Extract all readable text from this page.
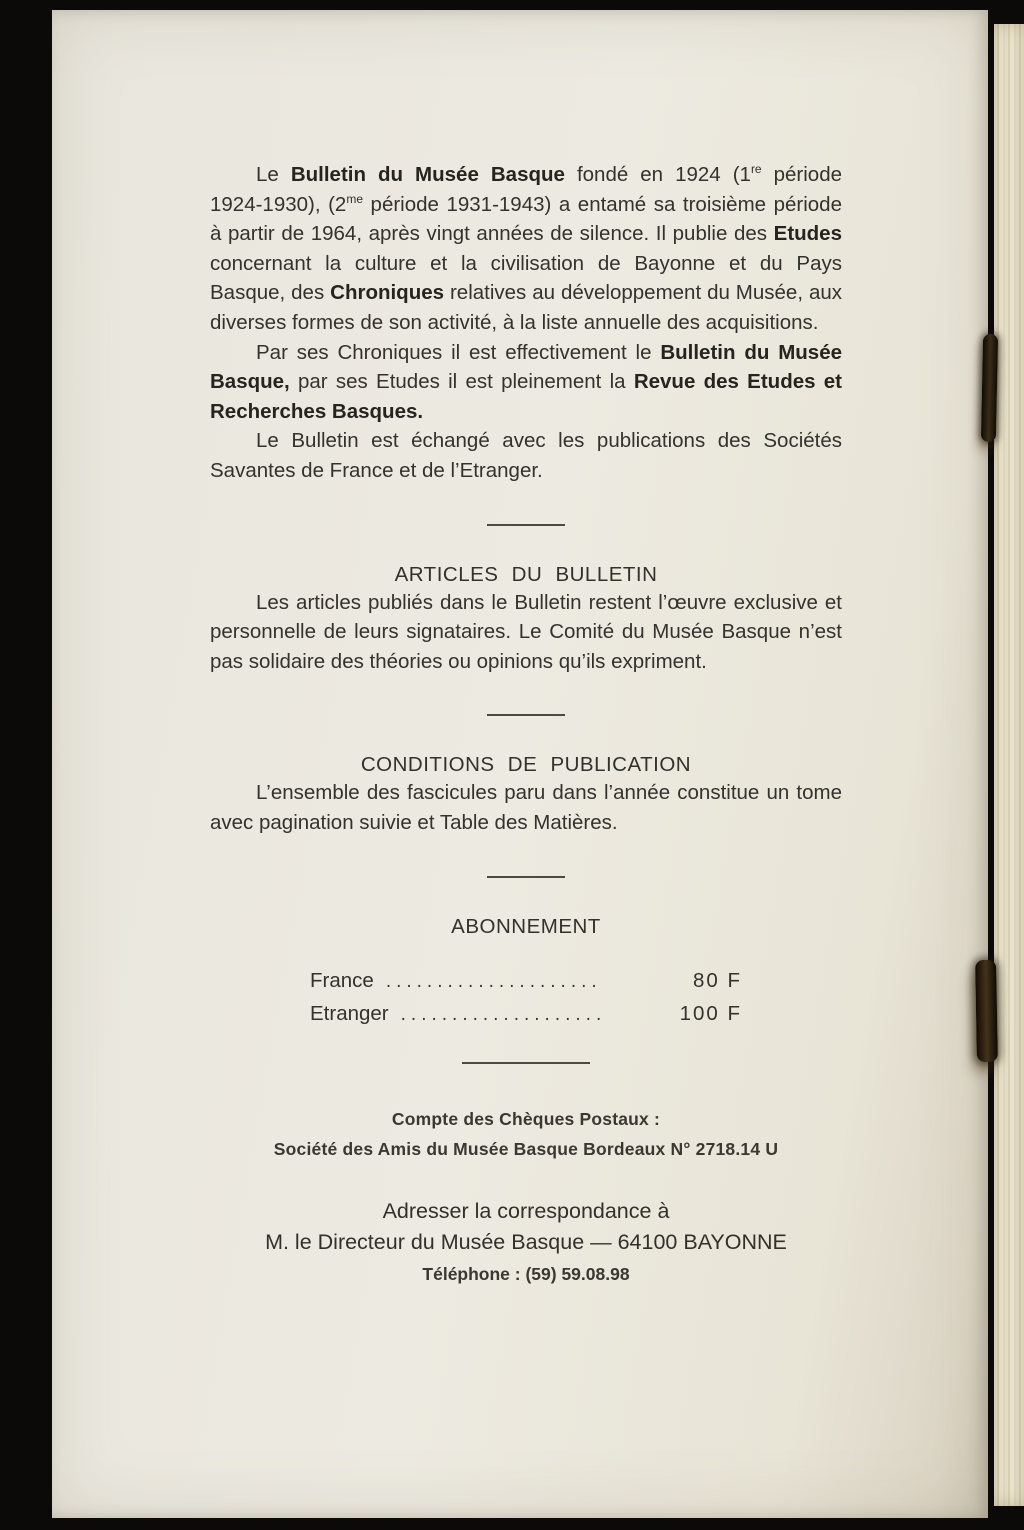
Le Bulletin du Musée Basque fondé en 1924 (1re période 1924-1930), ($2^{me}$ période 1931-1943) a entamé sa troisième période à partir de 1964, après vingt années de silence. Il publie des Etudes concernant la culture et la civilisation de Bayonne et du Pays Basque, des Chroniques relatives au développement du Musée, aux diverses formes de son activité, à la liste annuelle des acquisitions.

Par ses Chroniques il est effectivement le Bulletin du Musée Basque, par ses Etudes il est pleinement la Revue des Etudes et Recherches Basques.

Le Bulletin est échangé avec les publications des Sociétés Savantes de France et de l’Etranger.

ARTICLES DU BULLETIN

Les articles publiés dans le Bulletin restent l’œuvre exclusive et personnelle de leurs signataires. Le Comité du Musée Basque n’est pas solidaire des théories ou opinions qu’ils expriment.

CONDITIONS DE PUBLICATION

L’ensemble des fascicules paru dans l’année constitue un tome avec pagination suivie et Table des Matières.

ABONNEMENT
France .....................	80 F
Etranger ....................	100 F
Compte des Chèques Postaux :
Société des Amis du Musée Basque Bordeaux N° 2718.14 U
Adresser la correspondance à
M. le Directeur du Musée Basque — 64100 BAYONNE
Téléphone : (59) 59.08.98
